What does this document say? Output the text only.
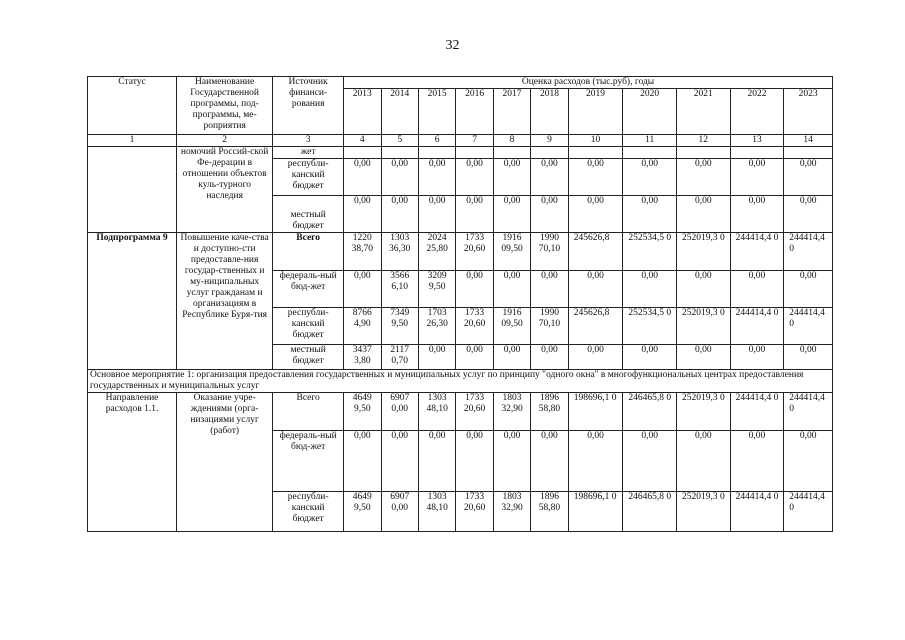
32
Статус	Наименование Государственной программы, под-программы, ме-роприятия	Источник финанси-рования	Оценка расходов (тыс.руб), годы										
			2013	2014	2015	2016	2017	2018	2019	2020	2021	2022	2023
1	2	3	4	5	6	7	8	9	10	11	12	13	14
	номочий Россий-ской Фе-дерации в отношении объектов куль-турного наследия	жет											
		республи-канский бюджет	0,00	0,00	0,00	0,00	0,00	0,00	0,00	0,00	0,00	0,00	0,00
		местный бюджет	0,00	0,00	0,00	0,00	0,00	0,00	0,00	0,00	0,00	0,00	0,00
Подпрограмма 9	Повышение каче-ства и доступно-сти предоставле-ния государ-ственных и му-ниципальных услуг гражданам и организациям в Республике Буря-тия	Всего	1220 38,70	1303 36,30	2024 25,80	1733 20,60	1916 09,50	1990 70,10	245626,8	252534,5 0	252019,3 0	244414,4 0	244414,4 0
		федераль-ный бюд-жет	0,00	3566 6,10	3209 9,50	0,00	0,00	0,00	0,00	0,00	0,00	0,00	0,00
		республи-канский бюджет	8766 4,90	7349 9,50	1703 26,30	1733 20,60	1916 09,50	1990 70,10	245626,8	252534,5 0	252019,3 0	244414,4 0	244414,4 0
		местный бюджет	3437 3,80	2117 0,70	0,00	0,00	0,00	0,00	0,00	0,00	0,00	0,00	0,00
Основное мероприятие 1: организация предоставления государственных и муниципальных услуг по принципу "одного окна" в многофункциональных центрах предоставления государственных и муниципальных услуг													
Направление расходов 1.1.	Оказание учре-ждениями (орга-низациями услуг (работ)	Всего	4649 9,50	6907 0,00	1303 48,10	1733 20,60	1803 32,90	1896 58,80	198696,1 0	246465,8 0	252019,3 0	244414,4 0	244414,4 0
		федераль-ный бюд-жет	0,00	0,00	0,00	0,00	0,00	0,00	0,00	0,00	0,00	0,00	0,00
		республи-канский бюджет	4649 9,50	6907 0,00	1303 48,10	1733 20,60	1803 32,90	1896 58,80	198696,1 0	246465,8 0	252019,3 0	244414,4 0	244414,4 0
